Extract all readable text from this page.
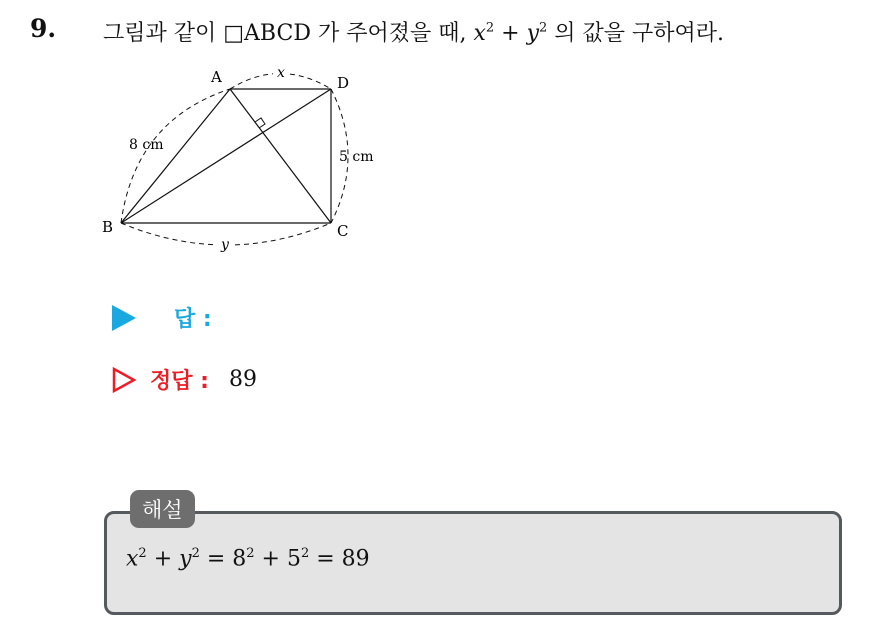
9. 그림과 같이 □ABCD 가 주어졌을 때, $x^2 + y^2$ 의 값을 구하여라.
A	D
B	C
x
y
8 cm
5 cm
답 :
정답 : 89
해설
$x^2 + y^2 = 8^2 + 5^2 = 89$
